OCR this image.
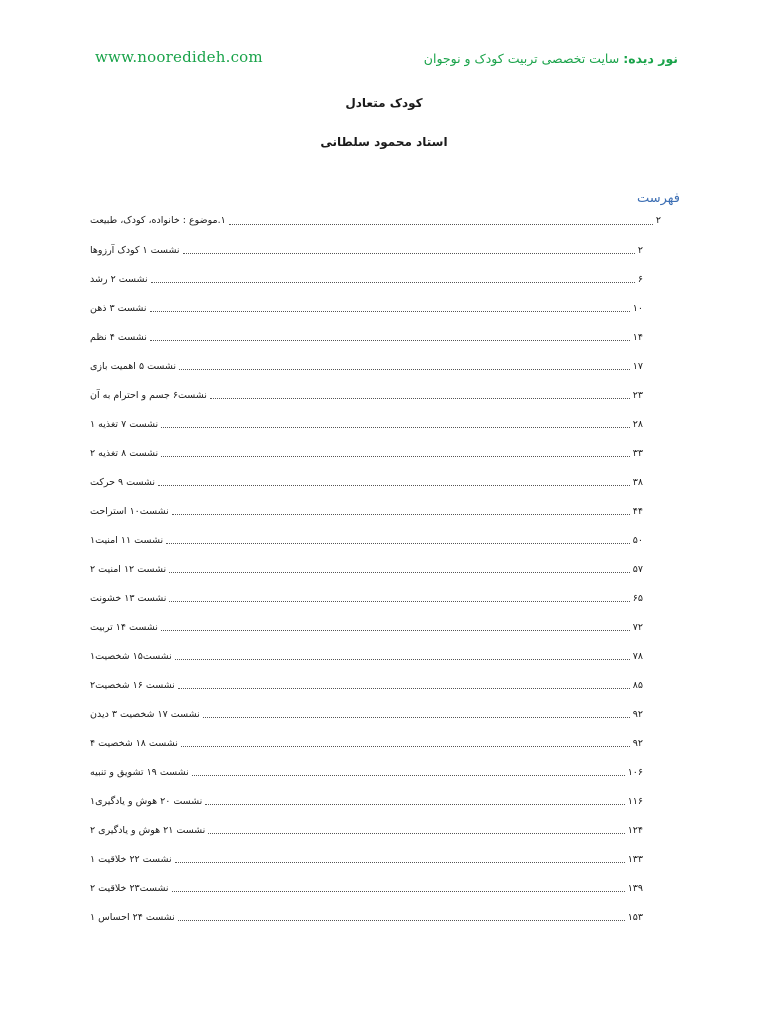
www.nooredideh.com	نور دیده: سایت تخصصی تربیت کودک و نوجوان
کودک متعادل
استاد محمود سلطانی
فهرست
۱.موضوع : خانواده، کودک، طبیعت	۲
نشست ۱ کودک آرزوها	۲
نشست ۲ رشد	۶
نشست ۳ ذهن	۱۰
نشست ۴ نظم	۱۴
نشست ۵ اهمیت بازی	۱۷
نشست۶ جسم و احترام به آن	۲۳
نشست ۷ تغذیه ۱	۲۸
نشست ۸ تغذیه ۲	۳۳
نشست ۹ حرکت	۳۸
نشست۱۰ استراحت	۴۴
نشست ۱۱ امنیت۱	۵۰
نشست ۱۲ امنیت ۲	۵۷
نشست ۱۳ خشونت	۶۵
نشست ۱۴ تربیت	۷۲
نشست۱۵ شخصیت۱	۷۸
نشست ۱۶ شخصیت۲	۸۵
نشست ۱۷ شخصیت ۳ دیدن	۹۲
نشست ۱۸ شخصیت ۴	۹۲
نشست ۱۹ تشویق و تنبیه	۱۰۶
نشست ۲۰ هوش و یادگیری۱	۱۱۶
نشست ۲۱ هوش و یادگیری ۲	۱۲۴
نشست ۲۲ خلاقیت ۱	۱۳۳
نشست۲۳ خلاقیت ۲	۱۳۹
نشست ۲۴ احساس ۱	۱۵۳
